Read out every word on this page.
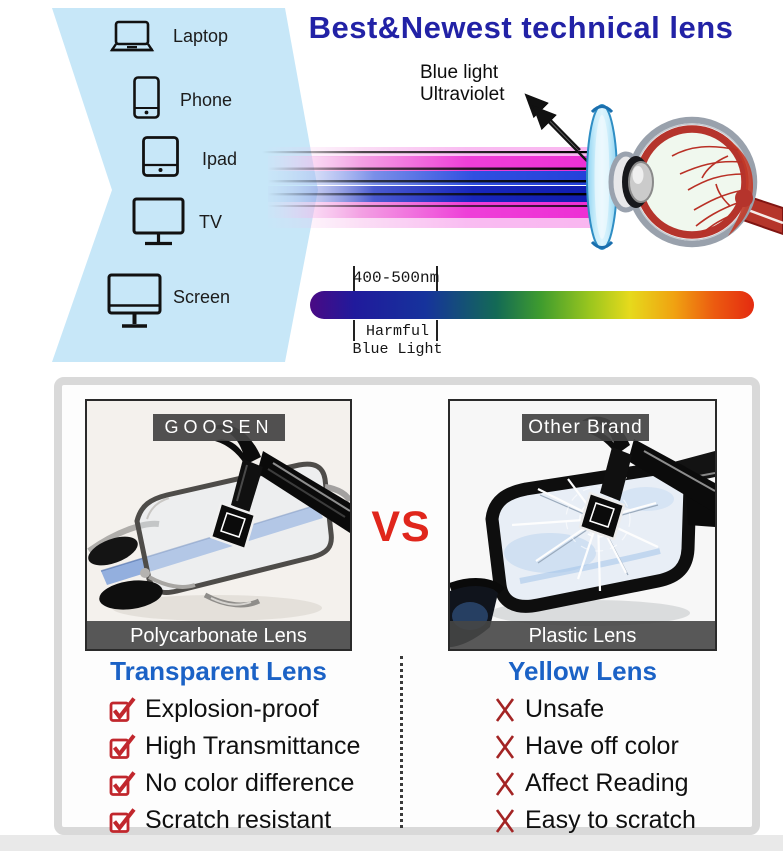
Best&Newest technical lens
Laptop
Phone
Ipad
TV
Screen
Blue light
Ultraviolet
400-500nm
Harmful
Blue Light
GOOSEN
Polycarbonate Lens
VS
Other Brand
Plastic Lens
Transparent Lens
Explosion-proof
High Transmittance
No color difference
Scratch resistant
Yellow Lens
Unsafe
Have off color
Affect Reading
Easy to scratch
